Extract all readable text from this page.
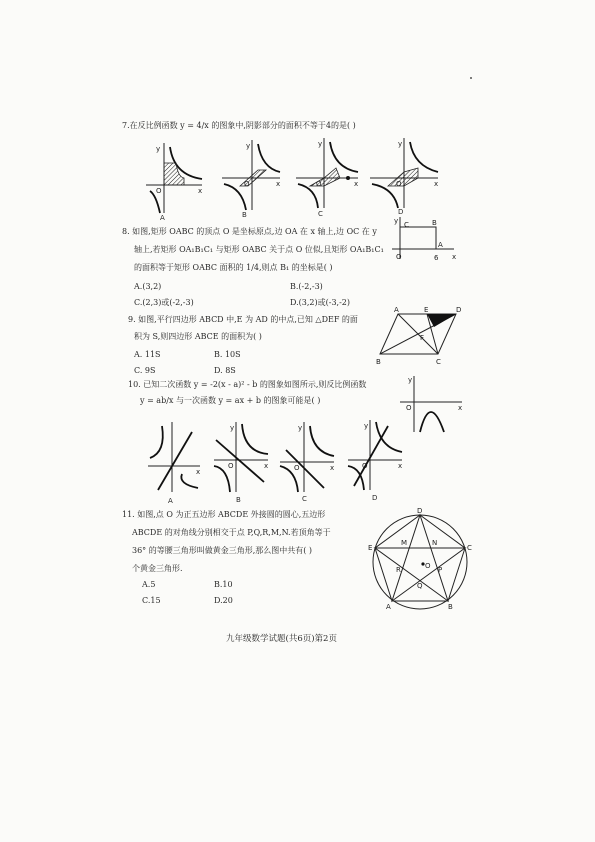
7.在反比例函数 y = 4/x 的图象中,阴影部分的面积不等于4的是( )
y
x
O
A
y
x
B
y
x
C
y
x
D
8. 如图,矩形 OABC 的顶点 O 是坐标原点,边 OA 在 x 轴上,边 OC 在 y
轴上,若矩形 OA₁B₁C₁ 与矩形 OABC 关于点 O 位似,且矩形 OA₁B₁C₁
的面积等于矩形 OABC 面积的 1/4,则点 B₁ 的坐标是( )
A.(3,2)	B.(-2,-3)
C.(2,3)或(-2,-3)	D.(3,2)或(-3,-2)
y C	B
O
A
6 x
9. 如图,平行四边形 ABCD 中,E 为 AD 的中点,已知 △DEF 的面
积为 S,则四边形 ABCE 的面积为( )
A. 11S	B. 10S
C. 9S	D. 8S
A	E	D
F
B	C
10. 已知二次函数 y = -2(x - a)² - b 的图象如图所示,则反比例函数
y = ab/x 与一次函数 y = ax + b 的图象可能是( )
y
O	x
x
A
y
x
O
B
y
x
O
C
y
x
O
D
11. 如图,点 O 为正五边形 ABCDE 外接圆的圆心,五边形
ABCDE 的对角线分别相交于点 P,Q,R,M,N.若顶角等于
36° 的等腰三角形叫做黄金三角形,那么图中共有( )
个黄金三角形.
A.5	B.10
C.15	D.20
D
E	C
M	N
O
R	P
Q
A	B
九年级数学试题(共6页)第2页
